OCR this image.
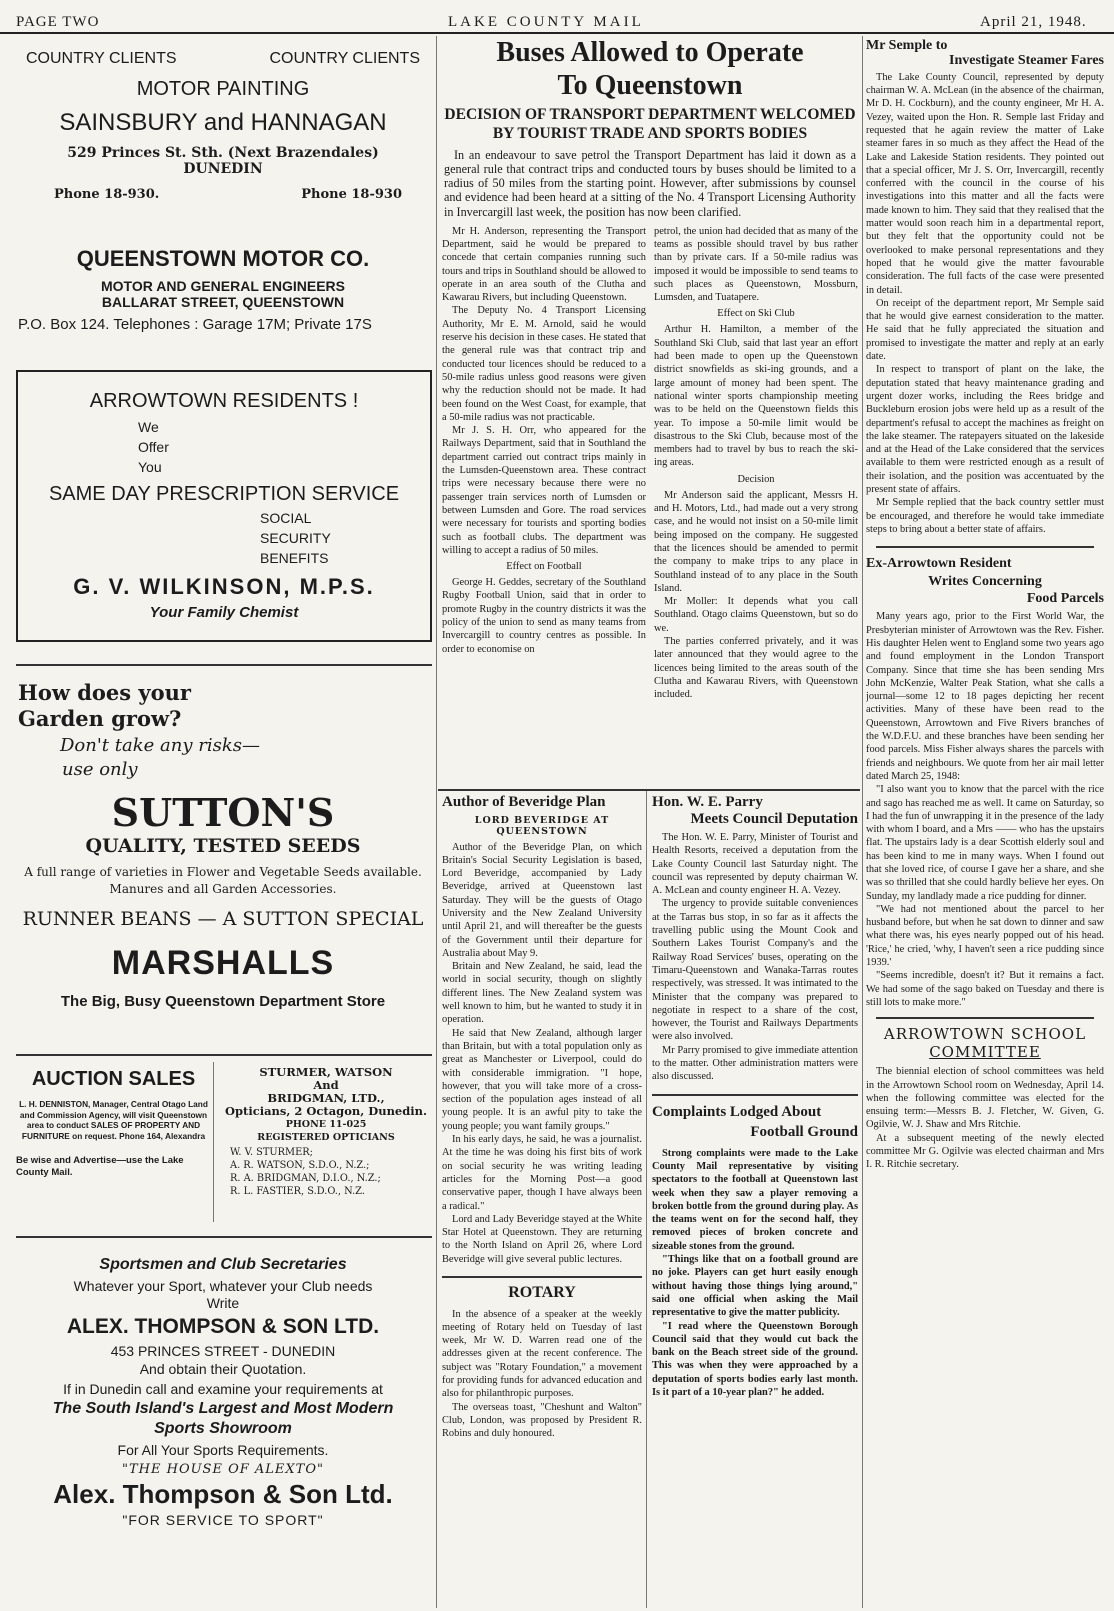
PAGE TWO	LAKE COUNTY MAIL	April 21, 1948.
COUNTRY CLIENTS	COUNTRY CLIENTS
MOTOR PAINTING
SAINSBURY and HANNAGAN
529 Princes St. Sth. (Next Brazendales)
DUNEDIN
Phone 18-930.	Phone 18-930
QUEENSTOWN MOTOR CO.
MOTOR AND GENERAL ENGINEERS
BALLARAT STREET, QUEENSTOWN
P.O. Box 124. Telephones : Garage 17M; Private 17S
ARROWTOWN RESIDENTS !
We
Offer
You
SAME DAY PRESCRIPTION SERVICE
SOCIAL
SECURITY
BENEFITS
G. V. WILKINSON, M.P.S.
Your Family Chemist
How does your
Garden grow?
Don't take any risks—
use only
SUTTON'S
QUALITY, TESTED SEEDS
A full range of varieties in Flower and Vegetable Seeds available.
Manures and all Garden Accessories.
RUNNER BEANS — A SUTTON SPECIAL
MARSHALLS
The Big, Busy Queenstown Department Store
AUCTION SALES
L. H. DENNISTON, Manager, Central Otago Land and Commission Agency, will visit Queenstown area to conduct SALES OF PROPERTY AND FURNITURE on request. Phone 164, Alexandra
Be wise and Advertise—use the Lake County Mail.
STURMER, WATSON
And
BRIDGMAN, LTD.,
Opticians, 2 Octagon, Dunedin.
PHONE 11-025
REGISTERED OPTICIANS
W. V. STURMER;
A. R. WATSON, S.D.O., N.Z.;
R. A. BRIDGMAN, D.I.O., N.Z.;
R. L. FASTIER, S.D.O., N.Z.
Sportsmen and Club Secretaries
Whatever your Sport, whatever your Club needs
Write
ALEX. THOMPSON & SON LTD.
453 PRINCES STREET - DUNEDIN
And obtain their Quotation.
If in Dunedin call and examine your requirements at
The South Island's Largest and Most Modern
Sports Showroom
For All Your Sports Requirements.
"THE HOUSE OF ALEXTO"
Alex. Thompson & Son Ltd.
"FOR SERVICE TO SPORT"
Buses Allowed to Operate
To Queenstown
DECISION OF TRANSPORT DEPARTMENT WELCOMED
BY TOURIST TRADE AND SPORTS BODIES
In an endeavour to save petrol the Transport Department has laid it down as a general rule that contract trips and conducted tours by buses should be limited to a radius of 50 miles from the starting point. However, after submissions by counsel and evidence had been heard at a sitting of the No. 4 Transport Licensing Authority in Invercargill last week, the position has now been clarified.
Mr H. Anderson, representing the Transport Department, said he would be prepared to concede that certain companies running such tours and trips in Southland should be allowed to operate in an area south of the Clutha and Kawarau Rivers, but including Queenstown.
The Deputy No. 4 Transport Licensing Authority, Mr E. M. Arnold, said he would reserve his decision in these cases. He stated that the general rule was that contract trip and conducted tour licences should be reduced to a 50-mile radius unless good reasons were given why the reduction should not be made. It had been found on the West Coast, for example, that a 50-mile radius was not practicable.
Mr J. S. H. Orr, who appeared for the Railways Department, said that in Southland the department carried out contract trips mainly in the Lumsden-Queenstown area. These contract trips were necessary because there were no passenger train services north of Lumsden or between Lumsden and Gore. The road services were necessary for tourists and sporting bodies such as football clubs. The department was willing to accept a radius of 50 miles.
Effect on Football
George H. Geddes, secretary of the Southland Rugby Football Union, said that in order to promote Rugby in the country districts it was the policy of the union to send as many teams from Invercargill to country centres as possible. In order to economise on
petrol, the union had decided that as many of the teams as possible should travel by bus rather than by private cars. If a 50-mile radius was imposed it would be impossible to send teams to such places as Queenstown, Mossburn, Lumsden, and Tuatapere.
Effect on Ski Club
Arthur H. Hamilton, a member of the Southland Ski Club, said that last year an effort had been made to open up the Queenstown district snowfields as ski-ing grounds, and a large amount of money had been spent. The national winter sports championship meeting was to be held on the Queenstown fields this year. To impose a 50-mile limit would be disastrous to the Ski Club, because most of the members had to travel by bus to reach the ski-ing areas.
Decision
Mr Anderson said the applicant, Messrs H. and H. Motors, Ltd., had made out a very strong case, and he would not insist on a 50-mile limit being imposed on the company. He suggested that the licences should be amended to permit the company to make trips to any place in Southland instead of to any place in the South Island.
Mr Moller: It depends what you call Southland. Otago claims Queenstown, but so do we.
The parties conferred privately, and it was later announced that they would agree to the licences being limited to the areas south of the Clutha and Kawarau Rivers, with Queenstown included.
Author of Beveridge Plan
LORD BEVERIDGE AT QUEENSTOWN
Author of the Beveridge Plan, on which Britain's Social Security Legislation is based, Lord Beveridge, accompanied by Lady Beveridge, arrived at Queenstown last Saturday. They will be the guests of Otago University and the New Zealand University until April 21, and will thereafter be the guests of the Government until their departure for Australia about May 9.
Britain and New Zealand, he said, lead the world in social security, though on slightly different lines. The New Zealand system was well known to him, but he wanted to study it in operation.
He said that New Zealand, although larger than Britain, but with a total population only as great as Manchester or Liverpool, could do with considerable immigration. "I hope, however, that you will take more of a cross-section of the population ages instead of all young people. It is an awful pity to take the young people; you want family groups."
In his early days, he said, he was a journalist. At the time he was doing his first bits of work on social security he was writing leading articles for the Morning Post—a good conservative paper, though I have always been a radical."
Lord and Lady Beveridge stayed at the White Star Hotel at Queenstown. They are returning to the North Island on April 26, where Lord Beveridge will give several public lectures.
ROTARY
In the absence of a speaker at the weekly meeting of Rotary held on Tuesday of last week, Mr W. D. Warren read one of the addresses given at the recent conference. The subject was "Rotary Foundation," a movement for providing funds for advanced education and also for philanthropic purposes.
The overseas toast, "Cheshunt and Walton" Club, London, was proposed by President R. Robins and duly honoured.
Hon. W. E. Parry
Meets Council Deputation
The Hon. W. E. Parry, Minister of Tourist and Health Resorts, received a deputation from the Lake County Council last Saturday night. The council was represented by deputy chairman W. A. McLean and county engineer H. A. Vezey.
The urgency to provide suitable conveniences at the Tarras bus stop, in so far as it affects the travelling public using the Mount Cook and Southern Lakes Tourist Company's and the Railway Road Services' buses, operating on the Timaru-Queenstown and Wanaka-Tarras routes respectively, was stressed. It was intimated to the Minister that the company was prepared to negotiate in respect to a share of the cost, however, the Tourist and Railways Departments were also involved.
Mr Parry promised to give immediate attention to the matter. Other administration matters were also discussed.
Complaints Lodged About
Football Ground
Strong complaints were made to the Lake County Mail representative by visiting spectators to the football at Queenstown last week when they saw a player removing a broken bottle from the ground during play. As the teams went on for the second half, they removed pieces of broken concrete and sizeable stones from the ground.
"Things like that on a football ground are no joke. Players can get hurt easily enough without having those things lying around," said one official when asking the Mail representative to give the matter publicity.
"I read where the Queenstown Borough Council said that they would cut back the bank on the Beach street side of the ground. This was when they were approached by a deputation of sports bodies early last month. Is it part of a 10-year plan?" he added.
Mr Semple to
Investigate Steamer Fares
The Lake County Council, represented by deputy chairman W. A. McLean (in the absence of the chairman, Mr D. H. Cockburn), and the county engineer, Mr H. A. Vezey, waited upon the Hon. R. Semple last Friday and requested that he again review the matter of Lake steamer fares in so much as they affect the Head of the Lake and Lakeside Station residents. They pointed out that a special officer, Mr J. S. Orr, Invercargill, recently conferred with the council in the course of his investigations into this matter and all the facts were made known to him. They said that they realised that the matter would soon reach him in a departmental report, but they felt that the opportunity could not be overlooked to make personal representations and they hoped that he would give the matter favourable consideration. The full facts of the case were presented in detail.
On receipt of the department report, Mr Semple said that he would give earnest consideration to the matter. He said that he fully appreciated the situation and promised to investigate the matter and reply at an early date.
In respect to transport of plant on the lake, the deputation stated that heavy maintenance grading and urgent dozer works, including the Rees bridge and Buckleburn erosion jobs were held up as a result of the department's refusal to accept the machines as freight on the lake steamer. The ratepayers situated on the lakeside and at the Head of the Lake considered that the services available to them were restricted enough as a result of their isolation, and the position was accentuated by the present state of affairs.
Mr Semple replied that the back country settler must be encouraged, and therefore he would take immediate steps to bring about a better state of affairs.
Ex-Arrowtown Resident
Writes Concerning
Food Parcels
Many years ago, prior to the First World War, the Presbyterian minister of Arrowtown was the Rev. Fisher. His daughter Helen went to England some two years ago and found employment in the London Transport Company. Since that time she has been sending Mrs John McKenzie, Walter Peak Station, what she calls a journal—some 12 to 18 pages depicting her recent activities. Many of these have been read to the Queenstown, Arrowtown and Five Rivers branches of the W.D.F.U. and these branches have been sending her food parcels. Miss Fisher always shares the parcels with friends and neighbours. We quote from her air mail letter dated March 25, 1948:
"I also want you to know that the parcel with the rice and sago has reached me as well. It came on Saturday, so I had the fun of unwrapping it in the presence of the lady with whom I board, and a Mrs —— who has the upstairs flat. The upstairs lady is a dear Scottish elderly soul and has been kind to me in many ways. When I found out that she loved rice, of course I gave her a share, and she was so thrilled that she could hardly believe her eyes. On Sunday, my landlady made a rice pudding for dinner.
"We had not mentioned about the parcel to her husband before, but when he sat down to dinner and saw what there was, his eyes nearly popped out of his head. 'Rice,' he cried, 'why, I haven't seen a rice pudding since 1939.'
"Seems incredible, doesn't it? But it remains a fact. We had some of the sago baked on Tuesday and there is still lots to make more."
ARROWTOWN SCHOOL
COMMITTEE
The biennial election of school committees was held in the Arrowtown School room on Wednesday, April 14. when the following committee was elected for the ensuing term:—Messrs B. J. Fletcher, W. Given, G. Ogilvie, W. J. Shaw and Mrs Ritchie.
At a subsequent meeting of the newly elected committee Mr G. Ogilvie was elected chairman and Mrs I. R. Ritchie secretary.
